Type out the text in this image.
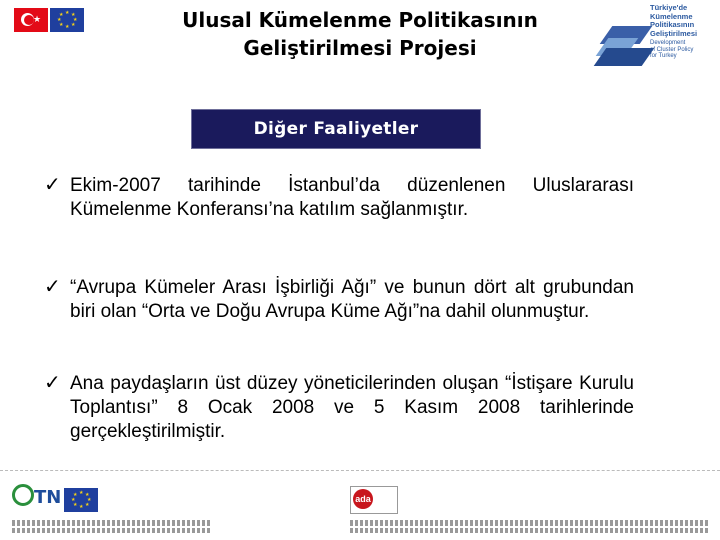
★
★ ★
★
★
★
★
★
★	Ulusal Kümelenme Politikasının
Geliştirilmesi Projesi
Türkiye'de
Kümelenme
Politikasının
Geliştirilmesi
Development
of Cluster Policy
for Turkey
Diğer Faaliyetler
✓ Ekim-2007 tarihinde İstanbul’da düzenlenen Uluslararası Kümelenme Konferansı’na katılım sağlanmıştır.
✓ “Avrupa Kümeler Arası İşbirliği Ağı” ve bunun dört alt grubundan biri olan “Orta ve Doğu Avrupa Küme Ağı”na dahil olunmuştur.
✓ Ana paydaşların üst düzey yöneticilerinden oluşan “İstişare Kurulu Toplantısı” 8 Ocak 2008 ve 5 Kasım 2008 tarihlerinde gerçekleştirilmiştir.
TN	★ ★
★
★
★
★
★
★	ada
